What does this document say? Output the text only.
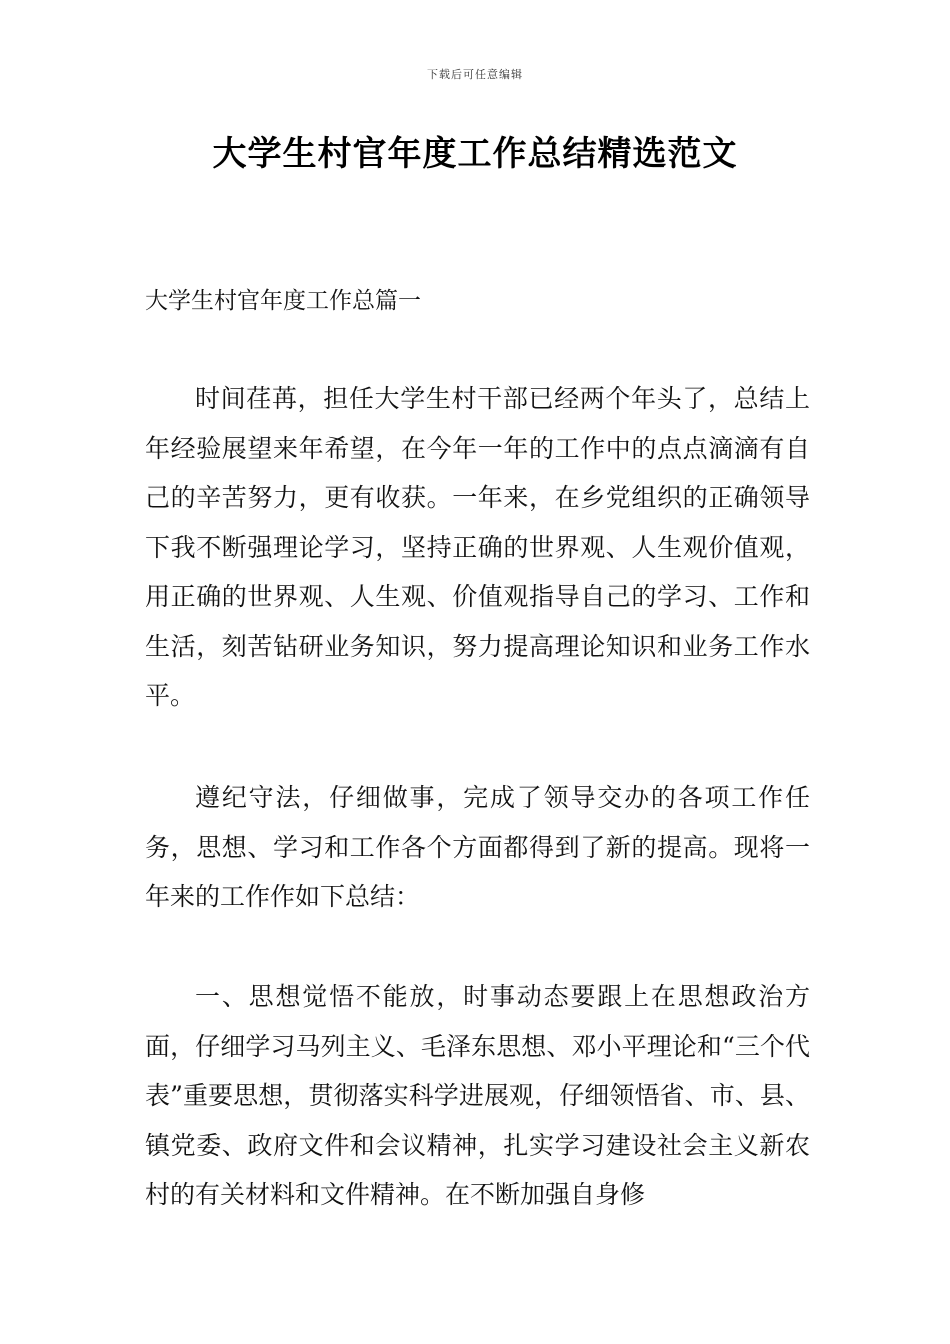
下载后可任意编辑
大学生村官年度工作总结精选范文
大学生村官年度工作总篇一

时间荏苒，担任大学生村干部已经两个年头了，总结上年经验展望来年希望，在今年一年的工作中的点点滴滴有自己的辛苦努力，更有收获。一年来，在乡党组织的正确领导下我不断强理论学习，坚持正确的世界观、人生观价值观，用正确的世界观、人生观、价值观指导自己的学习、工作和生活，刻苦钻研业务知识，努力提高理论知识和业务工作水平。

遵纪守法，仔细做事，完成了领导交办的各项工作任务，思想、学习和工作各个方面都得到了新的提高。现将一年来的工作作如下总结：

一、思想觉悟不能放，时事动态要跟上在思想政治方面，仔细学习马列主义、毛泽东思想、邓小平理论和“三个代表”重要思想，贯彻落实科学进展观，仔细领悟省、市、县、镇党委、政府文件和会议精神，扎实学习建设社会主义新农村的有关材料和文件精神。在不断加强自身修
